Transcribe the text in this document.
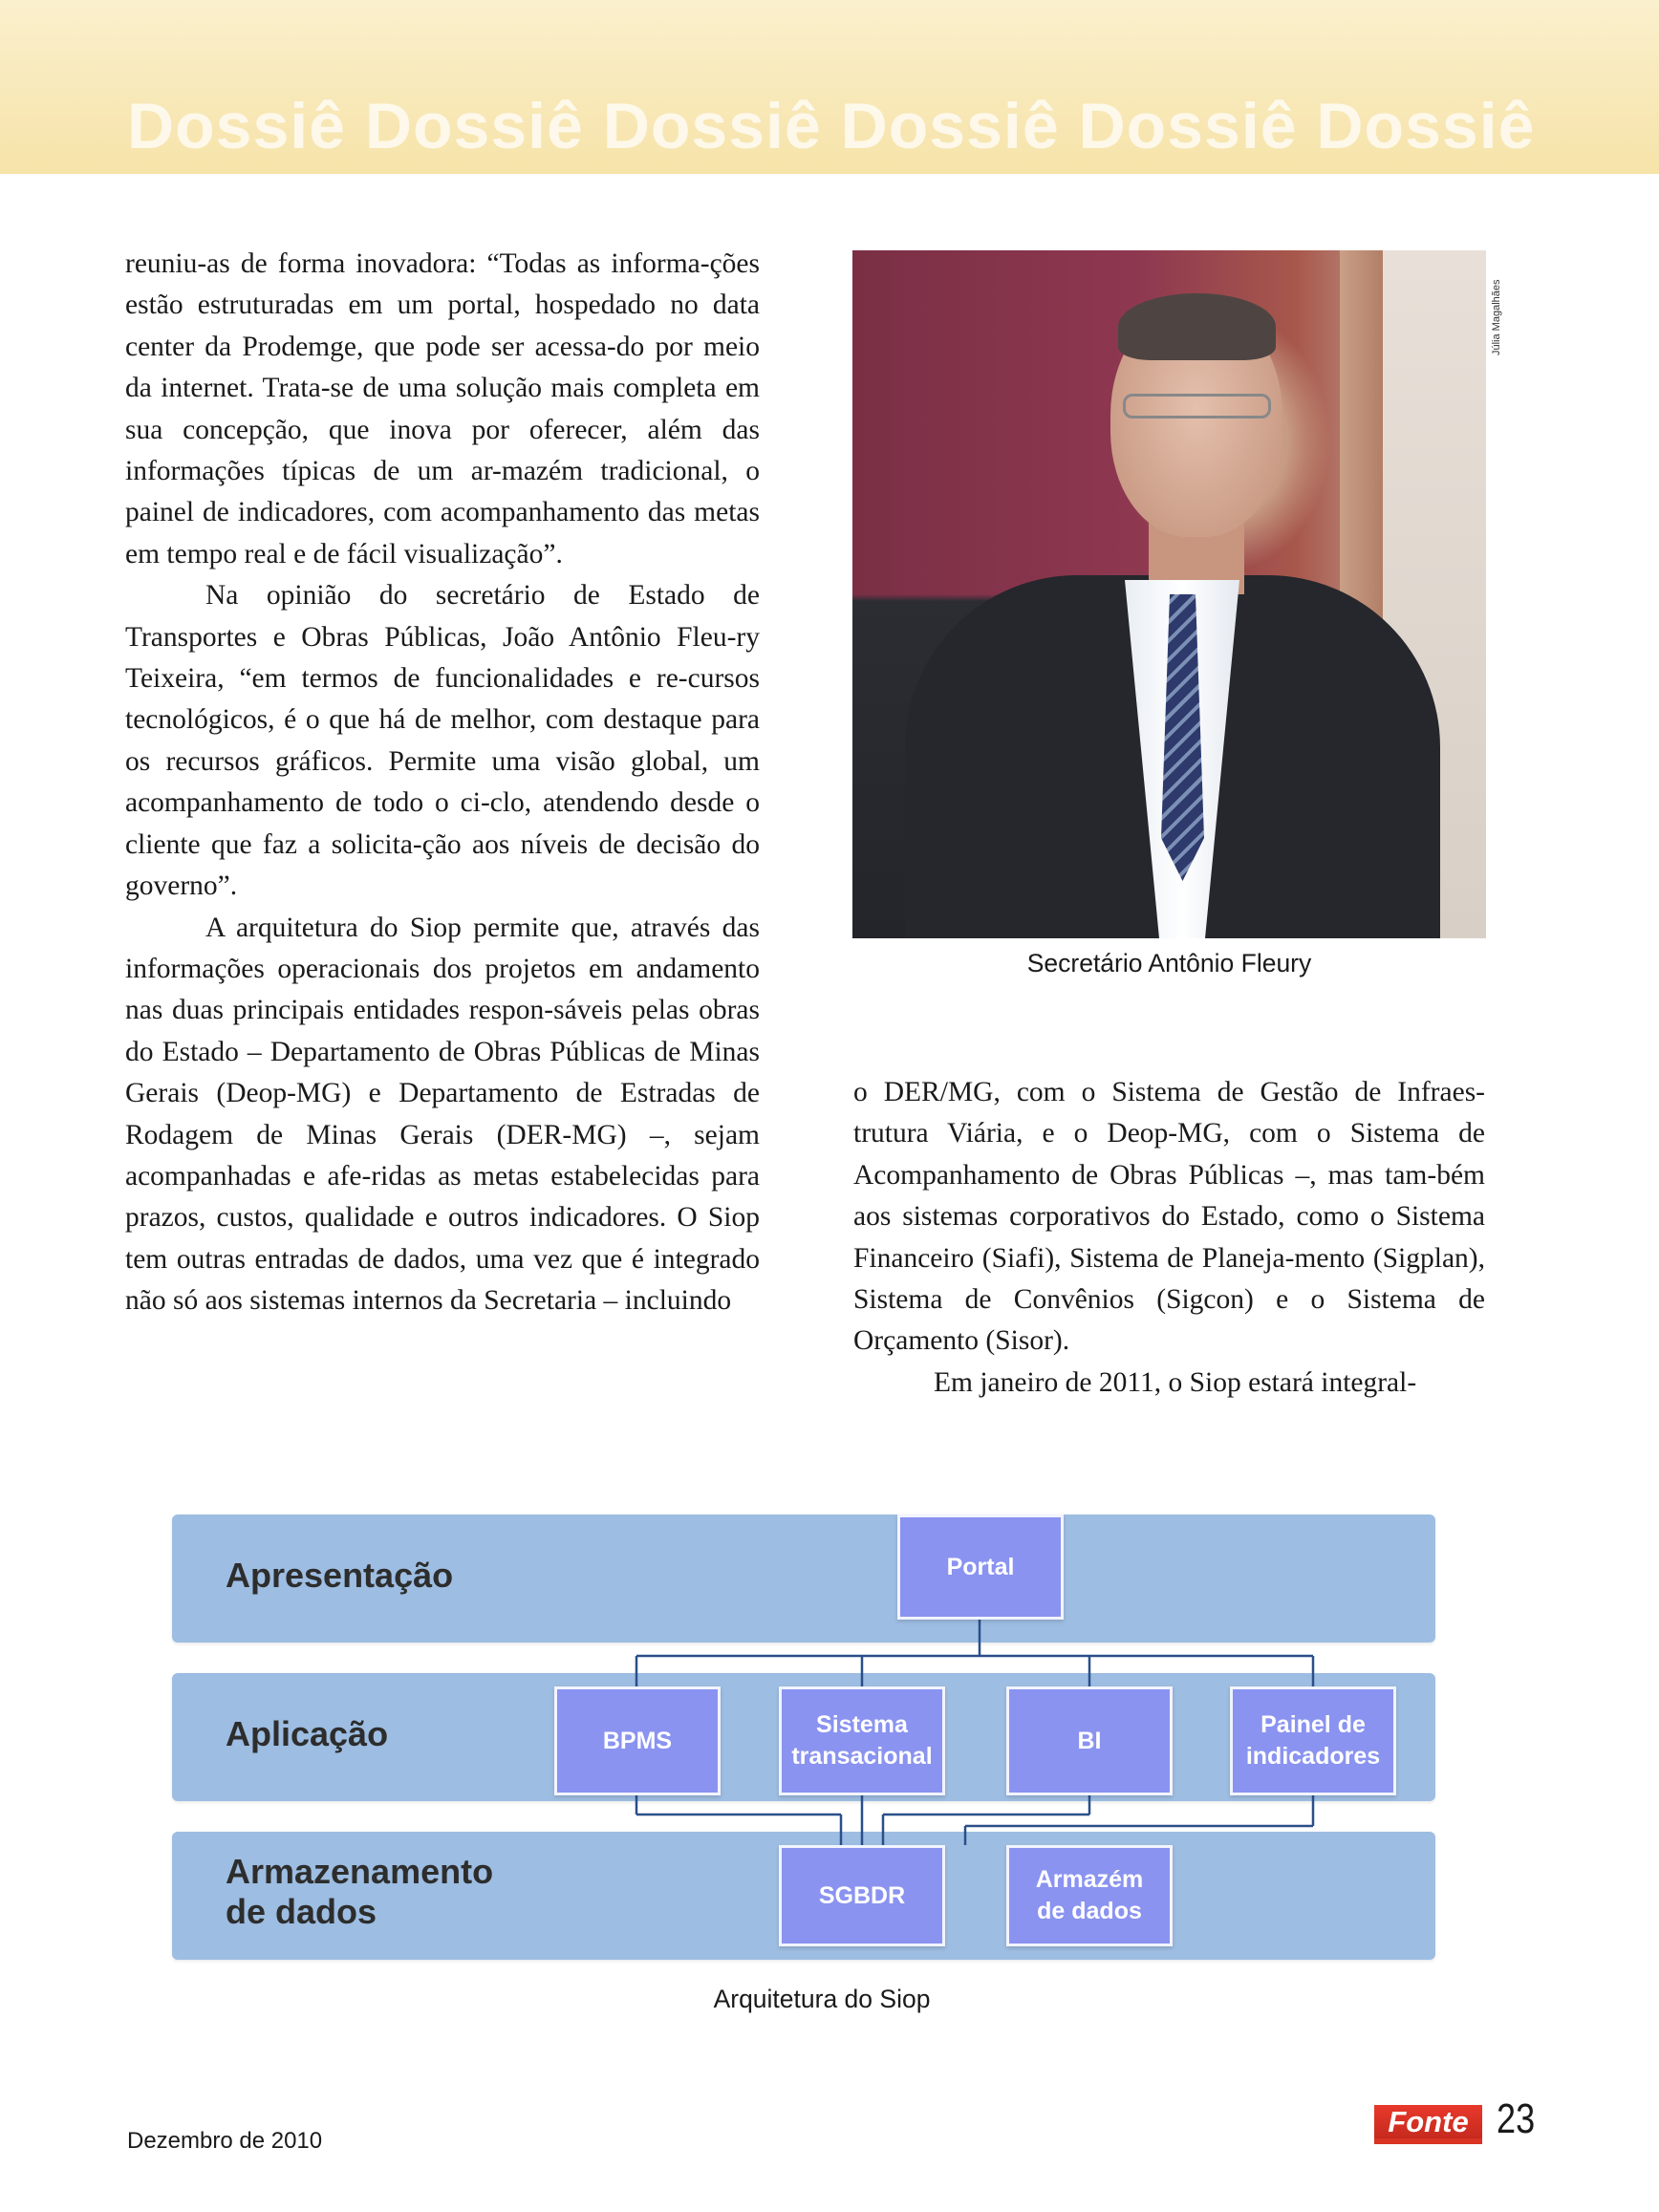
Dossiê Dossiê Dossiê Dossiê Dossiê Dossiê

reuniu-as de forma inovadora: “Todas as informa-ções estão estruturadas em um portal, hospedado no data center da Prodemge, que pode ser acessa-do por meio da internet. Trata-se de uma solução mais completa em sua concepção, que inova por oferecer, além das informações típicas de um ar-mazém tradicional, o painel de indicadores, com acompanhamento das metas em tempo real e de fácil visualização”.

Na opinião do secretário de Estado de Transportes e Obras Públicas, João Antônio Fleu-ry Teixeira, “em termos de funcionalidades e re-cursos tecnológicos, é o que há de melhor, com destaque para os recursos gráficos. Permite uma visão global, um acompanhamento de todo o ci-clo, atendendo desde o cliente que faz a solicita-ção aos níveis de decisão do governo”.

A arquitetura do Siop permite que, através das informações operacionais dos projetos em andamento nas duas principais entidades respon-sáveis pelas obras do Estado – Departamento de Obras Públicas de Minas Gerais (Deop-MG) e Departamento de Estradas de Rodagem de Minas Gerais (DER-MG) –, sejam acompanhadas e afe-ridas as metas estabelecidas para prazos, custos, qualidade e outros indicadores. O Siop tem outras entradas de dados, uma vez que é integrado não só aos sistemas internos da Secretaria – incluindo

Júlia Magalhães
Secretário Antônio Fleury

o DER/MG, com o Sistema de Gestão de Infraes-trutura Viária, e o Deop-MG, com o Sistema de Acompanhamento de Obras Públicas –, mas tam-bém aos sistemas corporativos do Estado, como o Sistema Financeiro (Siafi), Sistema de Planeja-mento (Sigplan), Sistema de Convênios (Sigcon) e o Sistema de Orçamento (Sisor).

Em janeiro de 2011, o Siop estará integral-

Apresentação
Aplicação
Armazenamento
de dados
Portal
BPMS
Sistema
transacional
BI
Painel de
indicadores
SGBDR
Armazém
de dados
Arquitetura do Siop
Dezembro de 2010
Fonte 23
